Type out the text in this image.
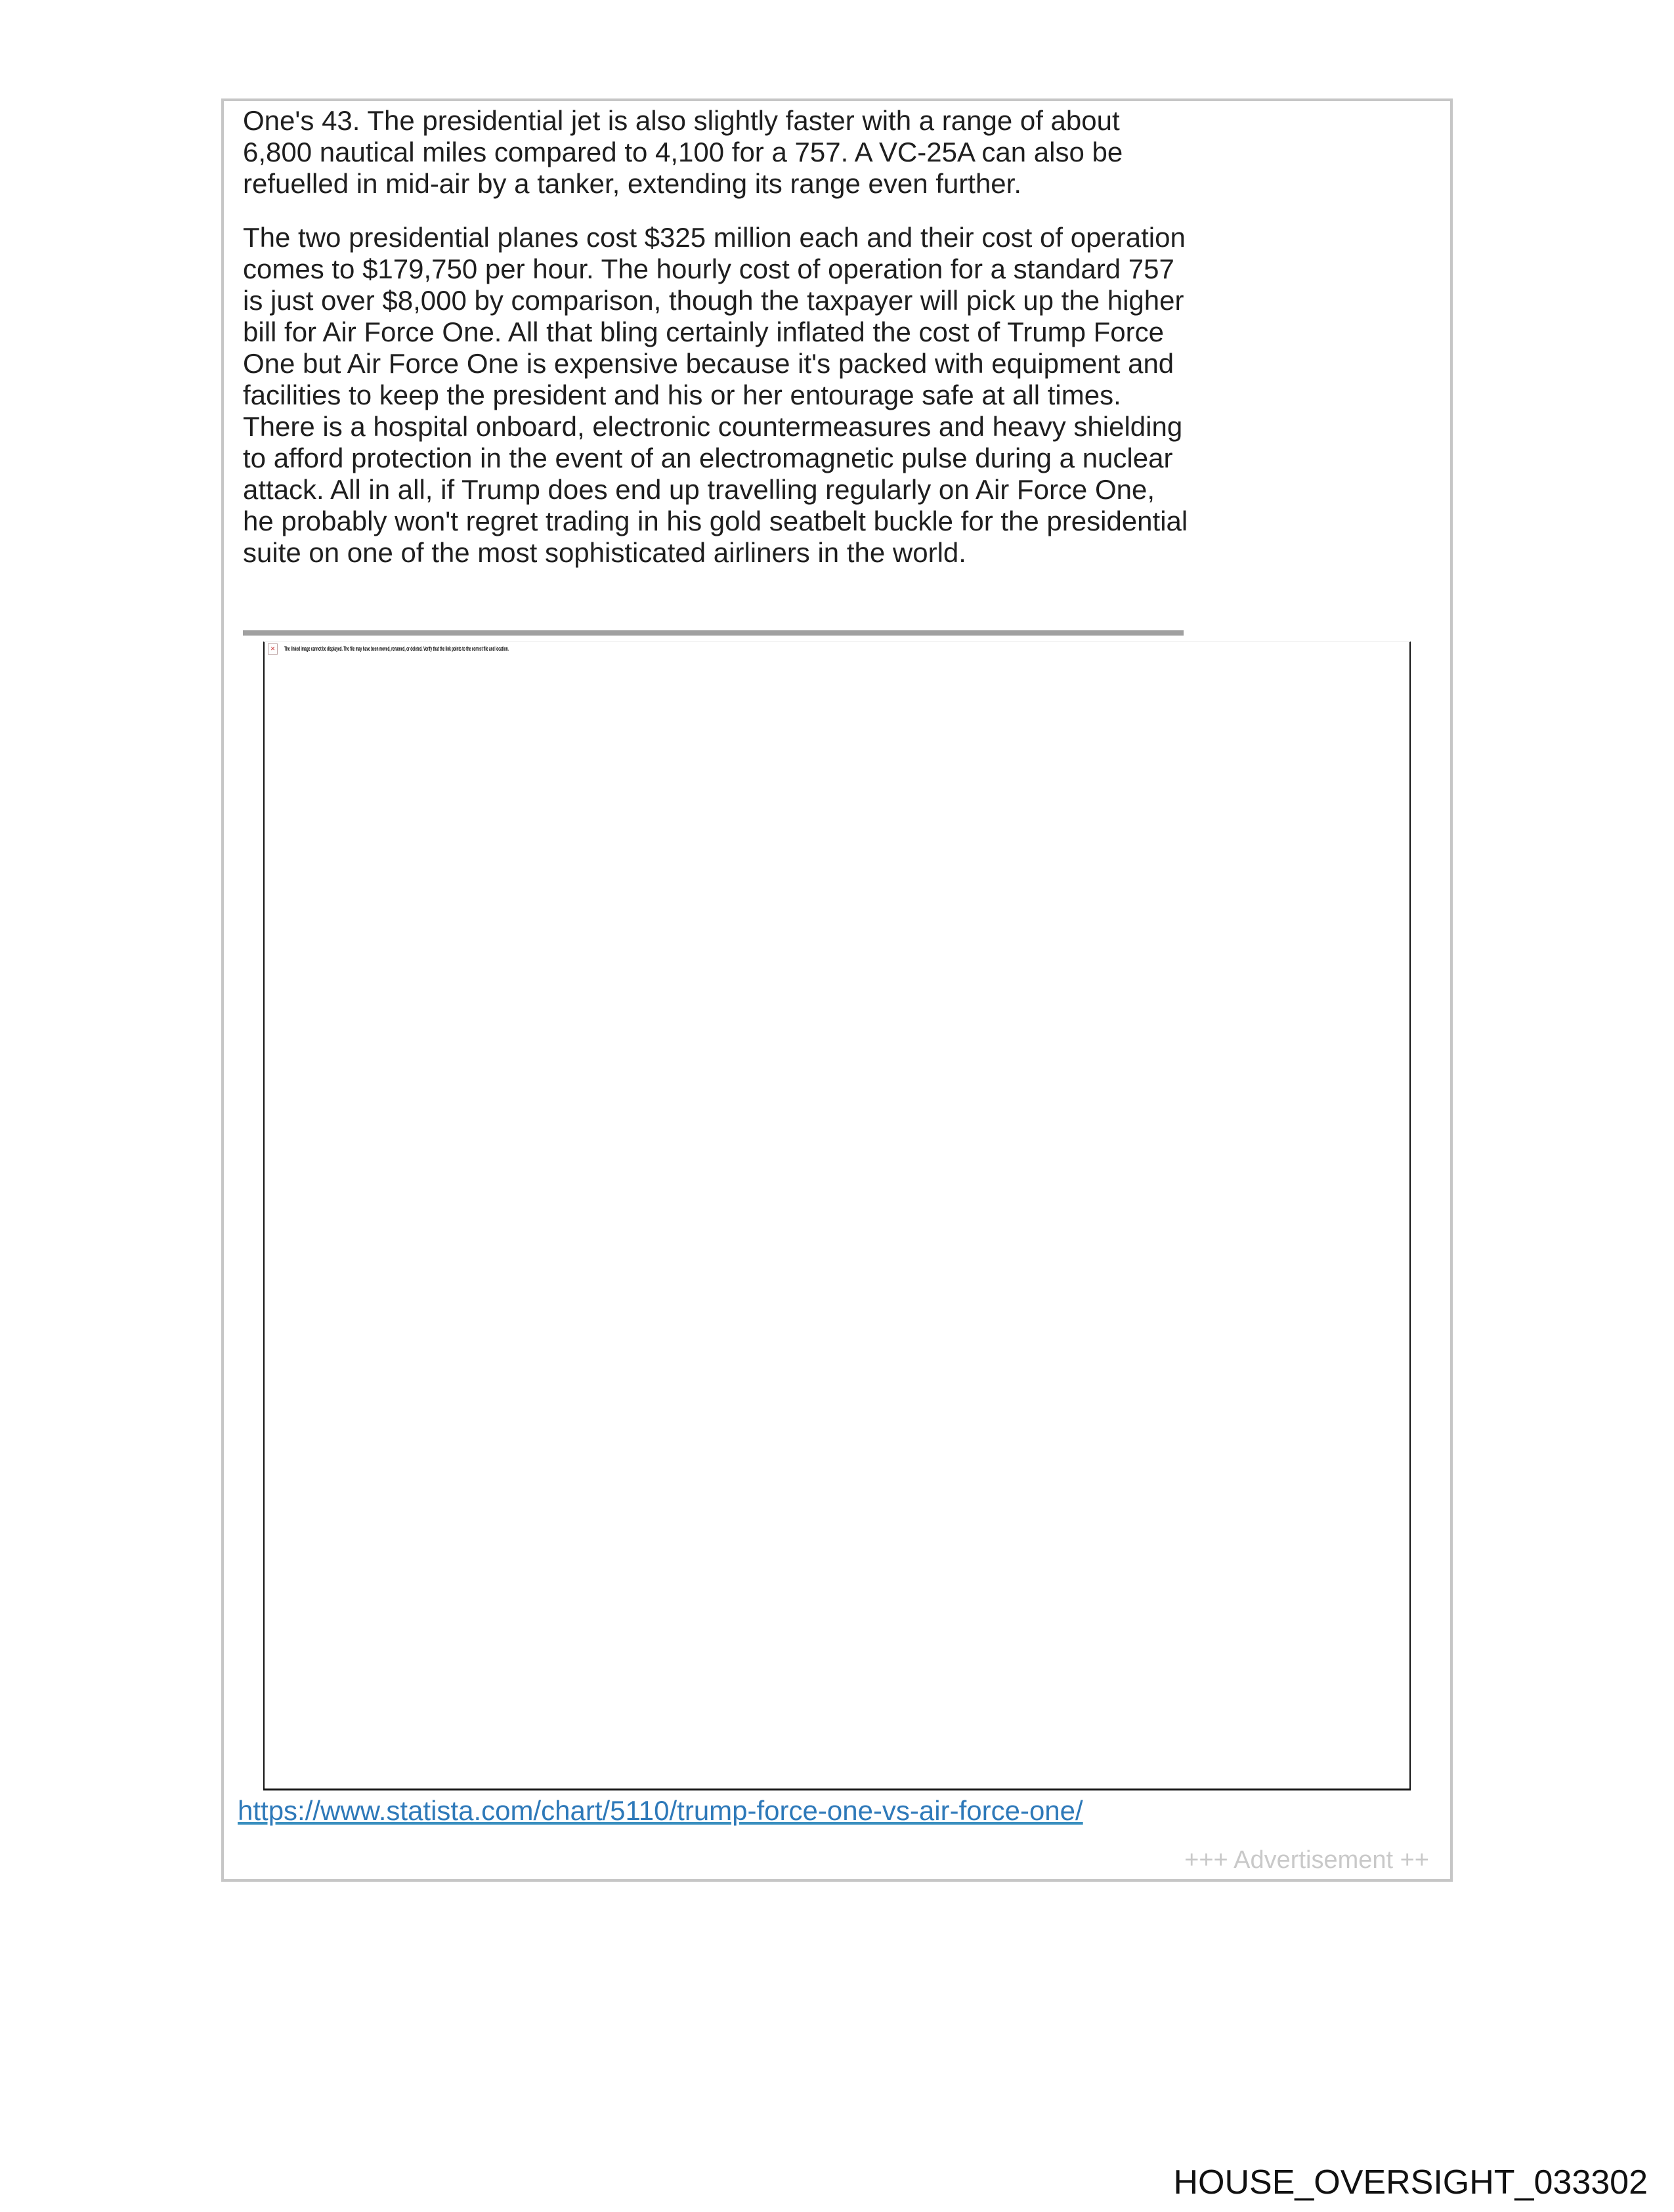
One's 43. The presidential jet is also slightly faster with a range of about 6,800 nautical miles compared to 4,100 for a 757. A VC-25A can also be refuelled in mid-air by a tanker, extending its range even further.

The two presidential planes cost $325 million each and their cost of operation comes to $179,750 per hour. The hourly cost of operation for a standard 757 is just over $8,000 by comparison, though the taxpayer will pick up the higher bill for Air Force One. All that bling certainly inflated the cost of Trump Force One but Air Force One is expensive because it's packed with equipment and facilities to keep the president and his or her entourage safe at all times. There is a hospital onboard, electronic countermeasures and heavy shielding to afford protection in the event of an electromagnetic pulse during a nuclear attack. All in all, if Trump does end up travelling regularly on Air Force One, he probably won't regret trading in his gold seatbelt buckle for the presidential suite on one of the most sophisticated airliners in the world.

✕	The linked image cannot be displayed. The file may have been moved, renamed, or deleted. Verify that the link points to the correct file and location.
https://www.statista.com/chart/5110/trump-force-one-vs-air-force-one/
+++ Advertisement ++
HOUSE_OVERSIGHT_033302
